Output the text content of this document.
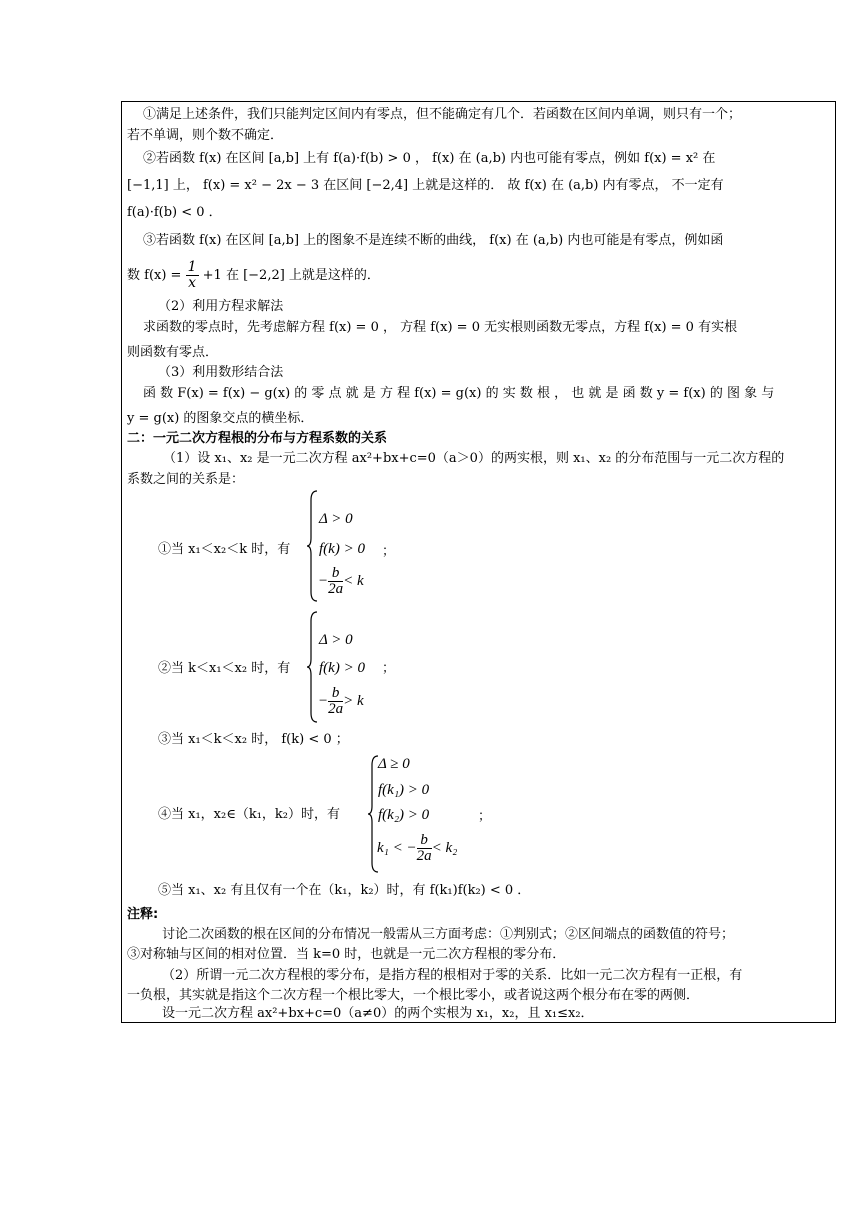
①满足上述条件，我们只能判定区间内有零点，但不能确定有几个．若函数在区间内单调，则只有一个；
若不单调，则个数不确定．
②若函数 f(x) 在区间 [a,b] 上有 f(a)·f(b) > 0 ， f(x) 在 (a,b) 内也可能有零点，例如 f(x) = x² 在
[−1,1] 上， f(x) = x² − 2x − 3 在区间 [−2,4] 上就是这样的． 故 f(x) 在 (a,b) 内有零点， 不一定有
f(a)·f(b) < 0 ．
③若函数 f(x) 在区间 [a,b] 上的图象不是连续不断的曲线， f(x) 在 (a,b) 内也可能是有零点，例如函
数 $f(x) = \frac{1}{x} +1$ 在 [−2,2] 上就是这样的．
（2）利用方程求解法
求函数的零点时，先考虑解方程 f(x) = 0 ， 方程 f(x) = 0 无实根则函数无零点，方程 f(x) = 0 有实根
则函数有零点．
（3）利用数形结合法
函 数 F(x) = f(x) − g(x) 的 零 点 就 是 方 程 f(x) = g(x) 的 实 数 根 ， 也 就 是 函 数 y = f(x) 的 图 象 与
y = g(x) 的图象交点的横坐标．
二：一元二次方程根的分布与方程系数的关系
（1）设 x₁、x₂ 是一元二次方程 ax²+bx+c=0（a＞0）的两实根，则 x₁、x₂ 的分布范围与一元二次方程的
系数之间的关系是：
①当 x₁＜x₂＜k 时，有
Δ > 0
f(k) > 0
− $\frac{b}{2a} < k$
；
②当 k＜x₁＜x₂ 时，有
Δ > 0
f(k) > 0
− $\frac{b}{2a} > k$
；
③当 x₁＜k＜x₂ 时， f(k) < 0 ；
④当 x₁，x₂∈（k₁，k₂）时，有
Δ ≥ 0
f(k₁) > 0
f(k₂) > 0
k₁ < − $\frac{b}{2a} < k_2$
；
⑤当 x₁、x₂ 有且仅有一个在（k₁，k₂）时，有 f(k₁)f(k₂) < 0 ．
注释:
讨论二次函数的根在区间的分布情况一般需从三方面考虑：①判别式；②区间端点的函数值的符号；
③对称轴与区间的相对位置．当 k=0 时，也就是一元二次方程根的零分布．
（2）所谓一元二次方程根的零分布，是指方程的根相对于零的关系．比如一元二次方程有一正根，有
一负根，其实就是指这个二次方程一个根比零大，一个根比零小，或者说这两个根分布在零的两侧．
设一元二次方程 ax²+bx+c=0（a≠0）的两个实根为 x₁，x₂，且 x₁≤x₂．
